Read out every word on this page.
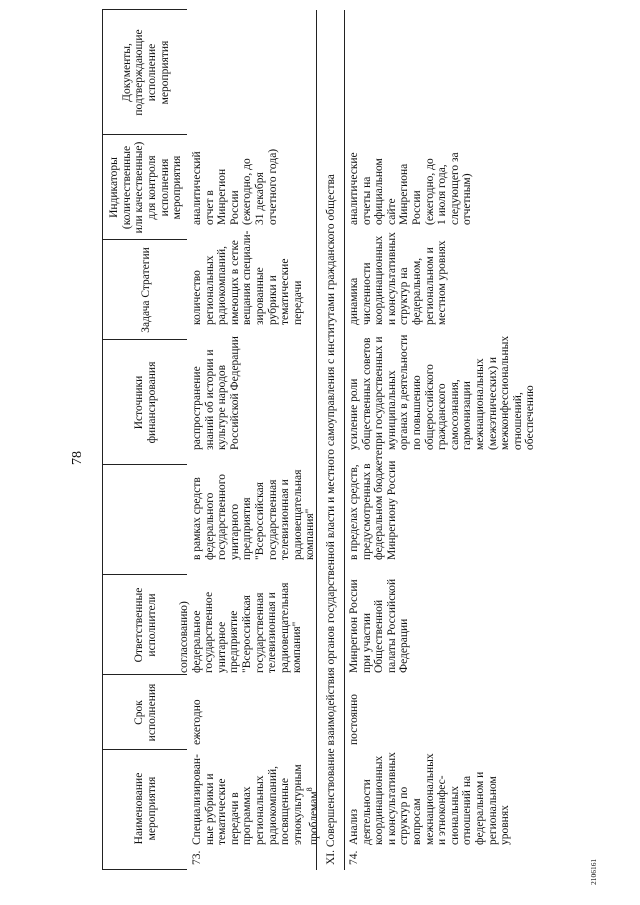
78
2106161
Наименование
мероприятия
Срок
исполнения
Ответственные
исполнители
Источники
финансирования
Задача Стратегии
Индикаторы
(количественные
или качественные)
для контроля
исполнения
мероприятия
Документы,
подтверждающие
исполнение
мероприятия
73.
Специализирован-
ные рубрики и
тематические
передачи в
программах
региональных
радиокомпаний,
посвященные
этнокультурным
проблемам$^8$
ежегодно
согласованию)
федеральное
государственное
унитарное
предприятие
"Всероссийская
государственная
телевизионная и
радиовещательная
компания"
в рамках средств
федерального
государственного
унитарного
предприятия
"Всероссийская
государственная
телевизионная и
радиовещательная
компания"
распространение
знаний об истории и
культуре народов
Российской Федерации
количество
региональных
радиокомпаний,
имеющих в сетке
вещания специали-
зированные
рубрики и
тематические
передачи
аналитический
отчет в
Минрегион
России
(ежегодно, до
31 декабря
отчетного года)
XI. Совершенствование взаимодействия органов государственной власти и местного самоуправления с институтами гражданского общества 74.
Анализ
деятельности
координационных
и консультативных
структур по
вопросам
межнациональных
и этноконфес-
сиональных
отношений на
федеральном и
региональном
уровнях
постоянно
Минрегион России
при участии
Общественной
палаты Российской
Федерации
в пределах средств,
предусмотренных в
федеральном бюджете
Минрегиону России
усиление роли
общественных советов
при государственных и
муниципальных
органах в деятельности
по повышению
общероссийского
гражданского
самосознания,
гармонизации
межнациональных
(межэтнических) и
межконфессиональных
отношений,
обеспечению
динамика
численности
координационных
и консультативных
структур на
федеральном,
региональном и
местном уровнях
аналитические
отчеты на
официальном
сайте
Минрегиона
России
(ежегодно, до
1 июля года,
следующего за
отчетным)
